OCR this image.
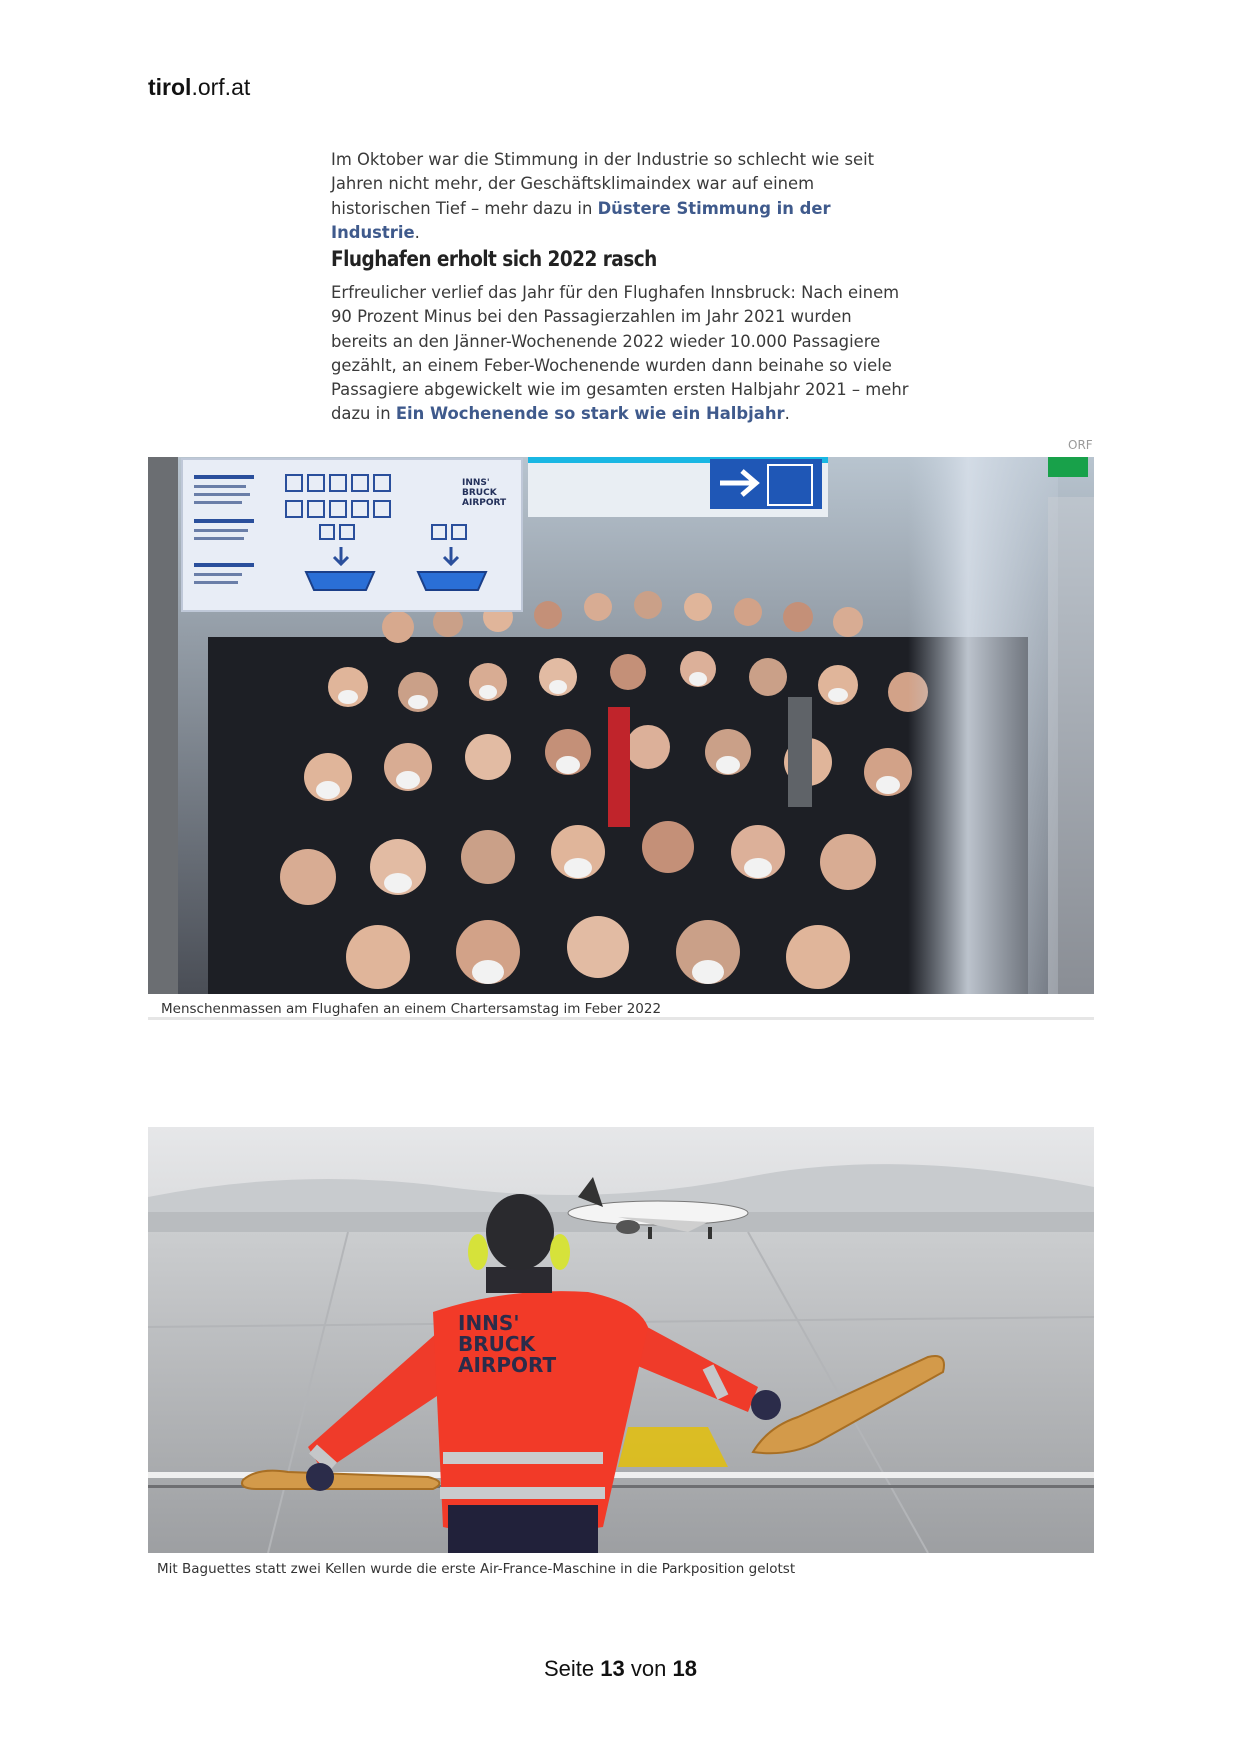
tirol.orf.at

Im Oktober war die Stimmung in der Industrie so schlecht wie seit Jahren nicht mehr, der Geschäftsklimaindex war auf einem historischen Tief – mehr dazu in Düstere Stimmung in der Industrie.

Flughafen erholt sich 2022 rasch

Erfreulicher verlief das Jahr für den Flughafen Innsbruck: Nach einem 90 Prozent Minus bei den Passagierzahlen im Jahr 2021 wurden bereits an den Jänner-Wochenende 2022 wieder 10.000 Passagiere gezählt, an einem Feber-Wochenende wurden dann beinahe so viele Passagiere abgewickelt wie im gesamten ersten Halbjahr 2021 – mehr dazu in Ein Wochenende so stark wie ein Halbjahr.

ORF
INNS'
BRUCK
AIRPORT
Menschenmassen am Flughafen an einem Chartersamstag im Feber 2022
INNS'
BRUCK
AIRPORT
Mit Baguettes statt zwei Kellen wurde die erste Air-France-Maschine in die Parkposition gelotst
Seite 13 von 18
